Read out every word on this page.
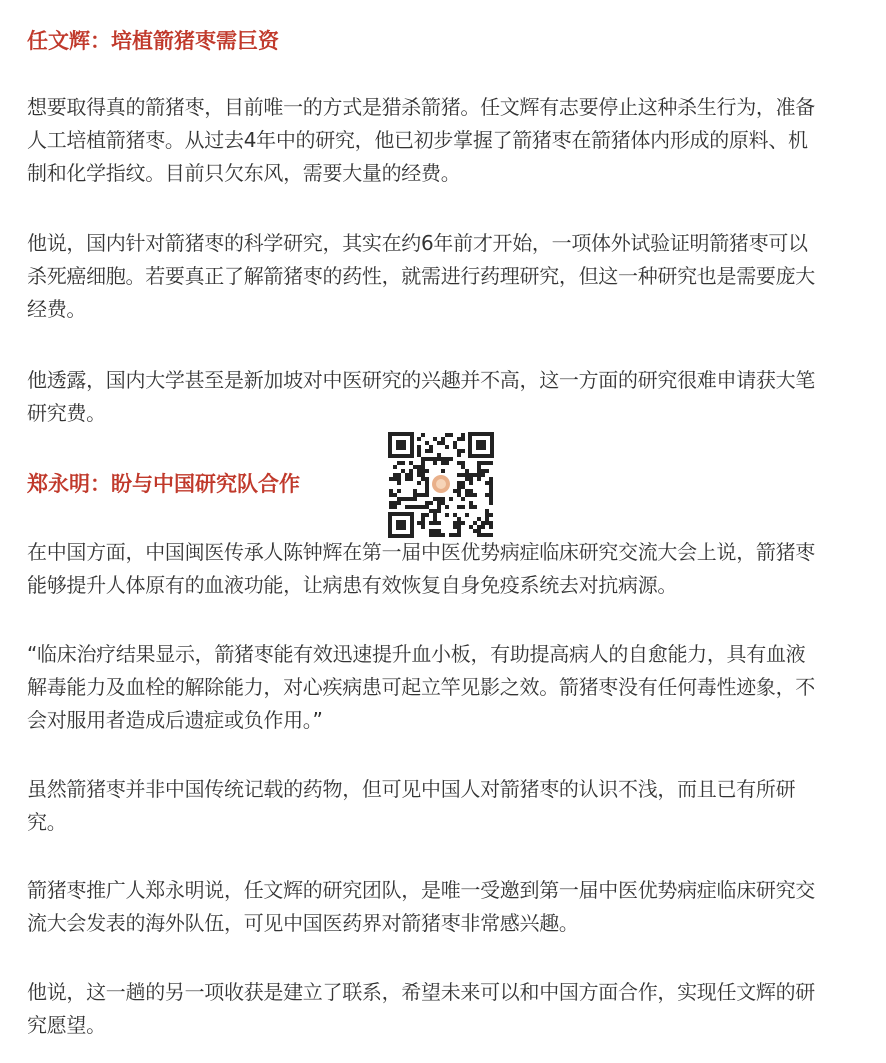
任文辉：培植箭猪枣需巨资
想要取得真的箭猪枣，目前唯一的方式是猎杀箭猪。任文辉有志要停止这种杀生行为，准备
人工培植箭猪枣。从过去4年中的研究，他已初步掌握了箭猪枣在箭猪体内形成的原料、机
制和化学指纹。目前只欠东风，需要大量的经费。
他说，国内针对箭猪枣的科学研究，其实在约6年前才开始，一项体外试验证明箭猪枣可以
杀死癌细胞。若要真正了解箭猪枣的药性，就需进行药理研究，但这一种研究也是需要庞大
经费。
他透露，国内大学甚至是新加坡对中医研究的兴趣并不高，这一方面的研究很难申请获大笔
研究费。
郑永明：盼与中国研究队合作
在中国方面，中国闽医传承人陈钟辉在第一届中医优势病症临床研究交流大会上说，箭猪枣
能够提升人体原有的血液功能，让病患有效恢复自身免疫系统去对抗病源。
“临床治疗结果显示，箭猪枣能有效迅速提升血小板，有助提高病人的自愈能力，具有血液
解毒能力及血栓的解除能力，对心疾病患可起立竿见影之效。箭猪枣没有任何毒性迹象，不
会对服用者造成后遗症或负作用。”
虽然箭猪枣并非中国传统记载的药物，但可见中国人对箭猪枣的认识不浅，而且已有所研
究。
箭猪枣推广人郑永明说，任文辉的研究团队，是唯一受邀到第一届中医优势病症临床研究交
流大会发表的海外队伍，可见中国医药界对箭猪枣非常感兴趣。
他说，这一趟的另一项收获是建立了联系，希望未来可以和中国方面合作，实现任文辉的研
究愿望。
